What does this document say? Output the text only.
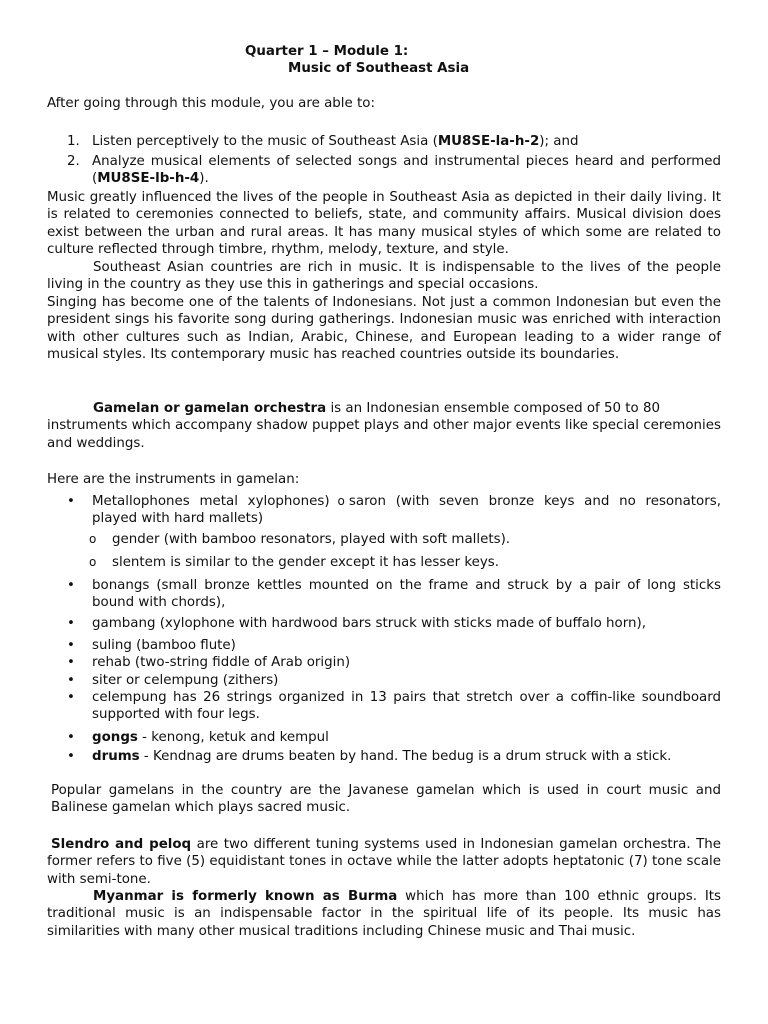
Quarter 1 – Module 1:
Music of Southeast Asia
After going through this module, you are able to:
1. Listen perceptively to the music of Southeast Asia (MU8SE-la-h-2); and
2. Analyze musical elements of selected songs and instrumental pieces heard and performed (MU8SE-lb-h-4).
Music greatly influenced the lives of the people in Southeast Asia as depicted in their daily living. It is related to ceremonies connected to beliefs, state, and community affairs. Musical division does exist between the urban and rural areas. It has many musical styles of which some are related to culture reflected through timbre, rhythm, melody, texture, and style.
Southeast Asian countries are rich in music. It is indispensable to the lives of the people living in the country as they use this in gatherings and special occasions.
Singing has become one of the talents of Indonesians. Not just a common Indonesian but even the president sings his favorite song during gatherings. Indonesian music was enriched with interaction with other cultures such as Indian, Arabic, Chinese, and European leading to a wider range of musical styles. Its contemporary music has reached countries outside its boundaries.
Gamelan or gamelan orchestra is an Indonesian ensemble composed of 50 to 80 instruments which accompany shadow puppet plays and other major events like special ceremonies and weddings.
Here are the instruments in gamelan:
• Metallophones metal xylophones) o saron (with seven bronze keys and no resonators, played with hard mallets)
o gender (with bamboo resonators, played with soft mallets).
o slentem is similar to the gender except it has lesser keys.
• bonangs (small bronze kettles mounted on the frame and struck by a pair of long sticks bound with chords),
• gambang (xylophone with hardwood bars struck with sticks made of buffalo horn),
• suling (bamboo flute)
• rehab (two-string fiddle of Arab origin)
• siter or celempung (zithers)
• celempung has 26 strings organized in 13 pairs that stretch over a coffin-like soundboard supported with four legs.
• gongs - kenong, ketuk and kempul
• drums - Kendnag are drums beaten by hand. The bedug is a drum struck with a stick.
Popular gamelans in the country are the Javanese gamelan which is used in court music and Balinese gamelan which plays sacred music.
Slendro and peloq are two different tuning systems used in Indonesian gamelan orchestra. The former refers to five (5) equidistant tones in octave while the latter adopts heptatonic (7) tone scale with semi-tone.
Myanmar is formerly known as Burma which has more than 100 ethnic groups. Its traditional music is an indispensable factor in the spiritual life of its people. Its music has similarities with many other musical traditions including Chinese music and Thai music.
